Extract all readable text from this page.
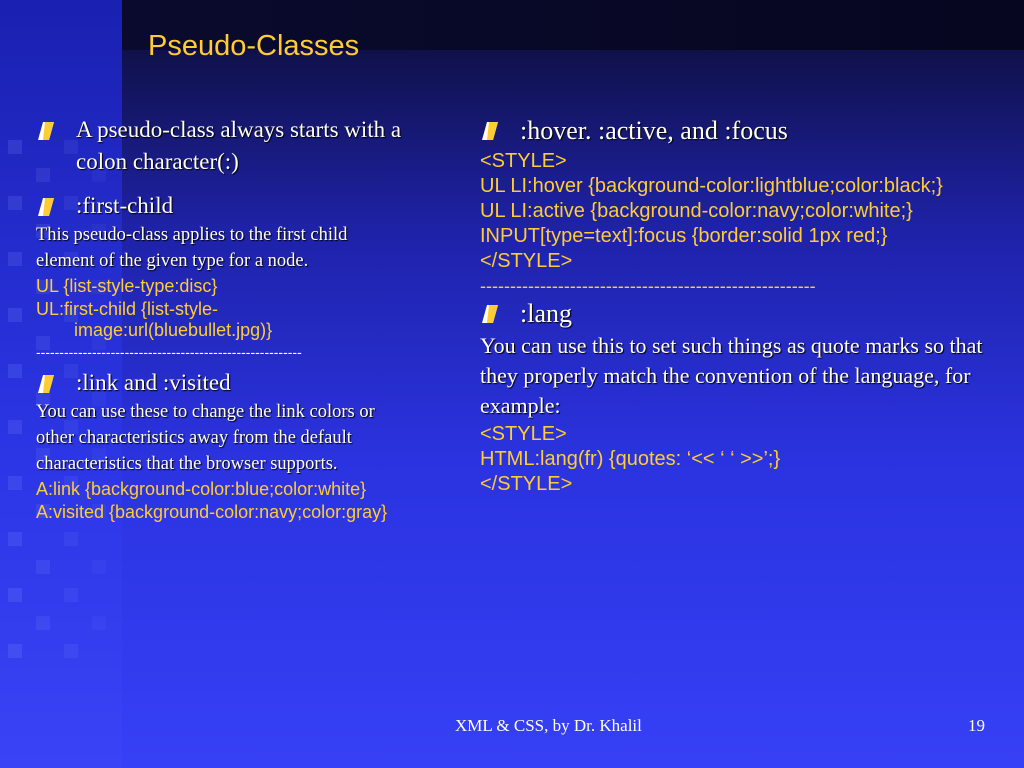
Pseudo-Classes
A pseudo-class always starts with a colon character(:)
:first-child
This pseudo-class applies to the first child element of the given type for a node.
UL {list-style-type:disc}
UL:first-child {list-style-image:url(bluebullet.jpg)}
---------------------------------------------------------
:link and :visited
You can use these to change the link colors or other characteristics away from the default characteristics that the browser supports.
A:link {background-color:blue;color:white}
A:visited {background-color:navy;color:gray}
:hover. :active, and :focus
<STYLE>
UL LI:hover {background-color:lightblue;color:black;}
UL LI:active {background-color:navy;color:white;}
INPUT[type=text]:focus {border:solid 1px red;}
</STYLE>
--------------------------------------------------------
:lang
You can use this to set such things as quote marks so that they properly match the convention of the language, for example:
<STYLE>
HTML:lang(fr) {quotes: ‘<< ‘ ‘ >>’;}
</STYLE>
XML & CSS, by Dr. Khalil	19
